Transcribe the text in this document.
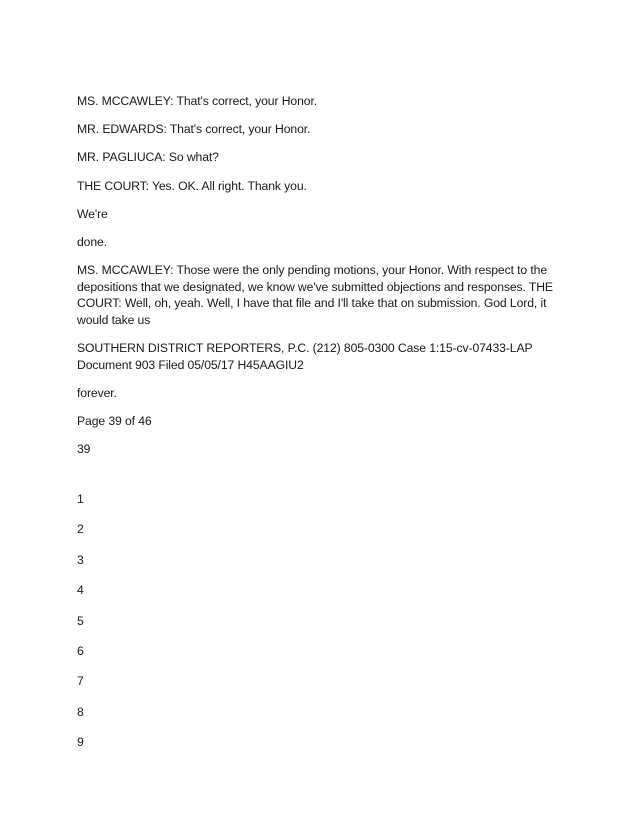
MS. MCCAWLEY: That's correct, your Honor.

MR. EDWARDS: That's correct, your Honor.

MR. PAGLIUCA: So what?

THE COURT: Yes. OK. All right. Thank you.

We're

done.

MS. MCCAWLEY: Those were the only pending motions, your Honor. With respect to the depositions that we designated, we know we've submitted objections and responses. THE COURT: Well, oh, yeah. Well, I have that file and I'll take that on submission. God Lord, it would take us

SOUTHERN DISTRICT REPORTERS, P.C. (212) 805-0300 Case 1:15-cv-07433-LAP Document 903 Filed 05/05/17 H45AAGIU2

forever.

Page 39 of 46

39

1

2

3

4

5

6

7

8

9
